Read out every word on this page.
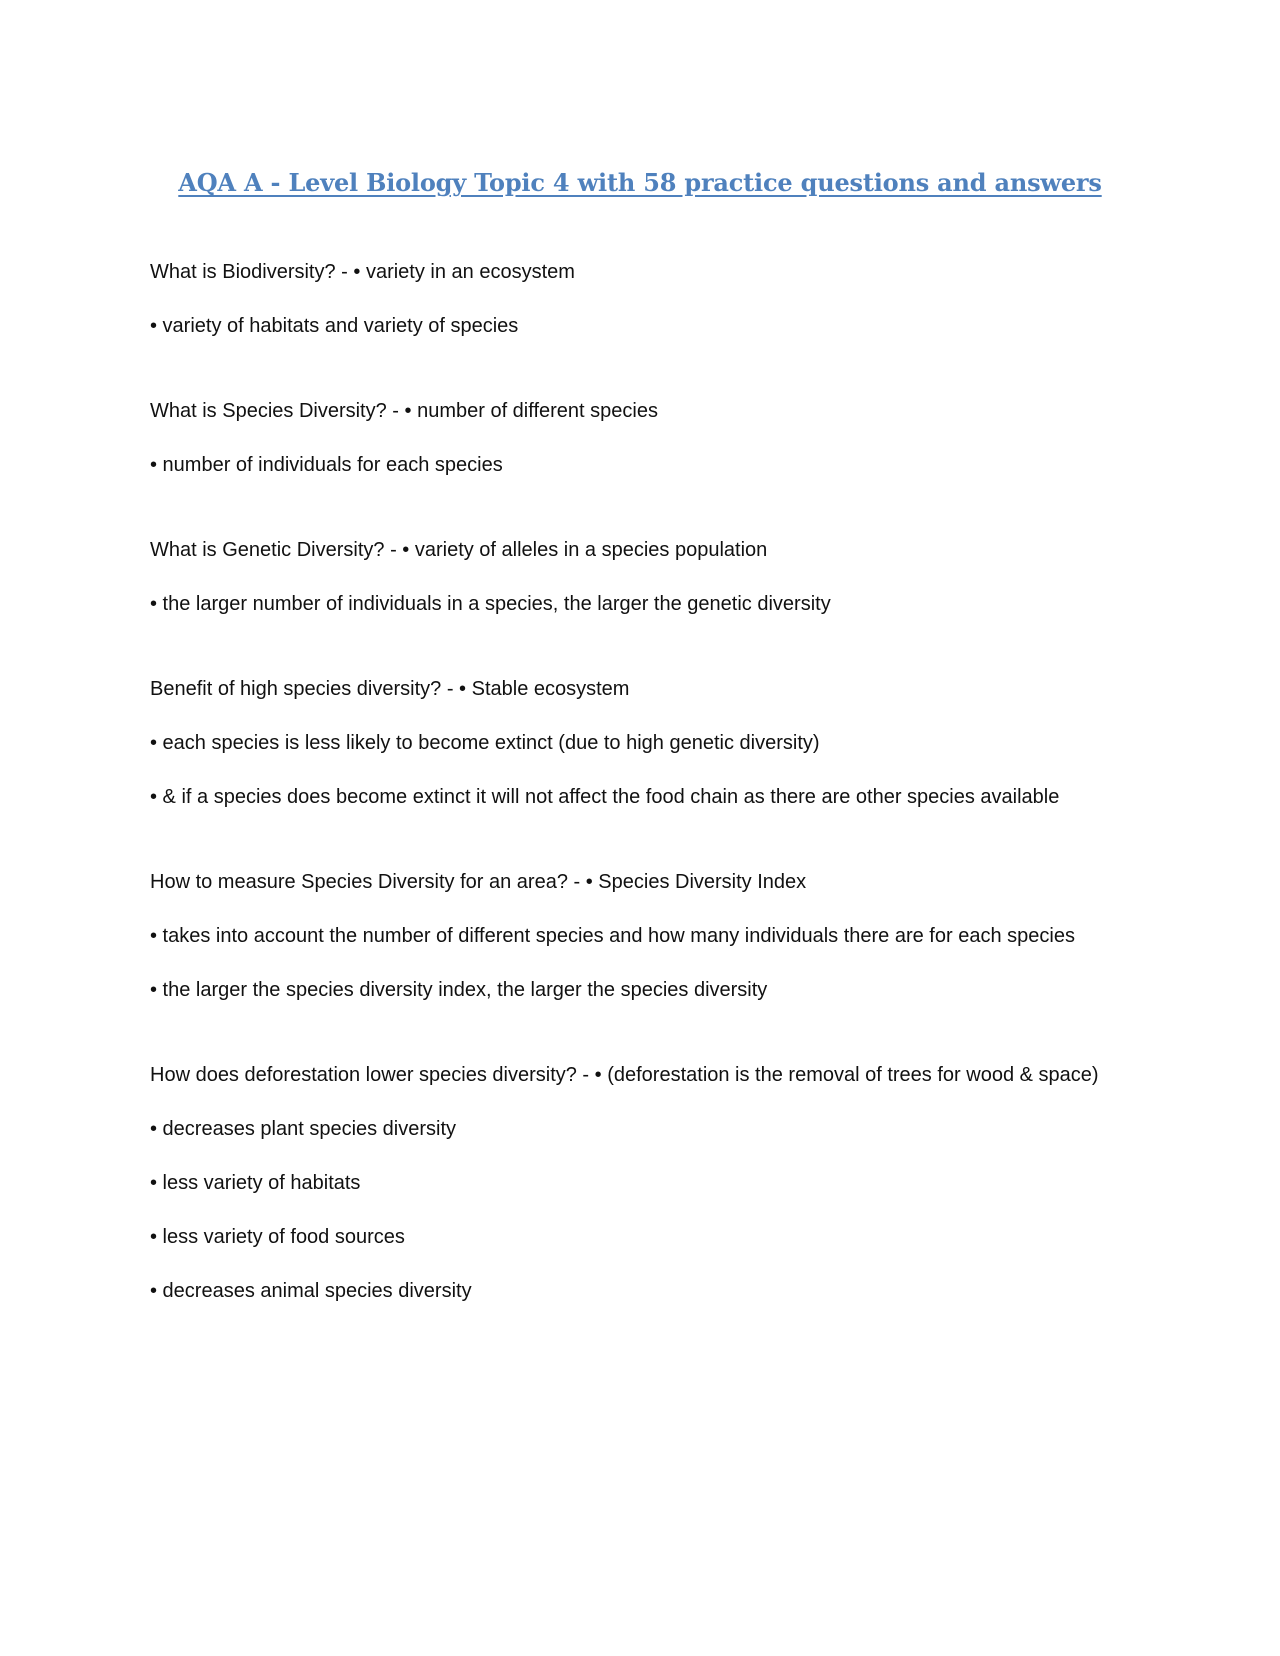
AQA A - Level Biology Topic 4 with 58 practice questions and answers

What is Biodiversity? - • variety in an ecosystem

• variety of habitats and variety of species

What is Species Diversity? - • number of different species

• number of individuals for each species

What is Genetic Diversity? - • variety of alleles in a species population

• the larger number of individuals in a species, the larger the genetic diversity

Benefit of high species diversity? - • Stable ecosystem

• each species is less likely to become extinct (due to high genetic diversity)

• & if a species does become extinct it will not affect the food chain as there are other species available

How to measure Species Diversity for an area? - • Species Diversity Index

• takes into account the number of different species and how many individuals there are for each species

• the larger the species diversity index, the larger the species diversity

How does deforestation lower species diversity? - • (deforestation is the removal of trees for wood & space)

• decreases plant species diversity

• less variety of habitats

• less variety of food sources

• decreases animal species diversity
